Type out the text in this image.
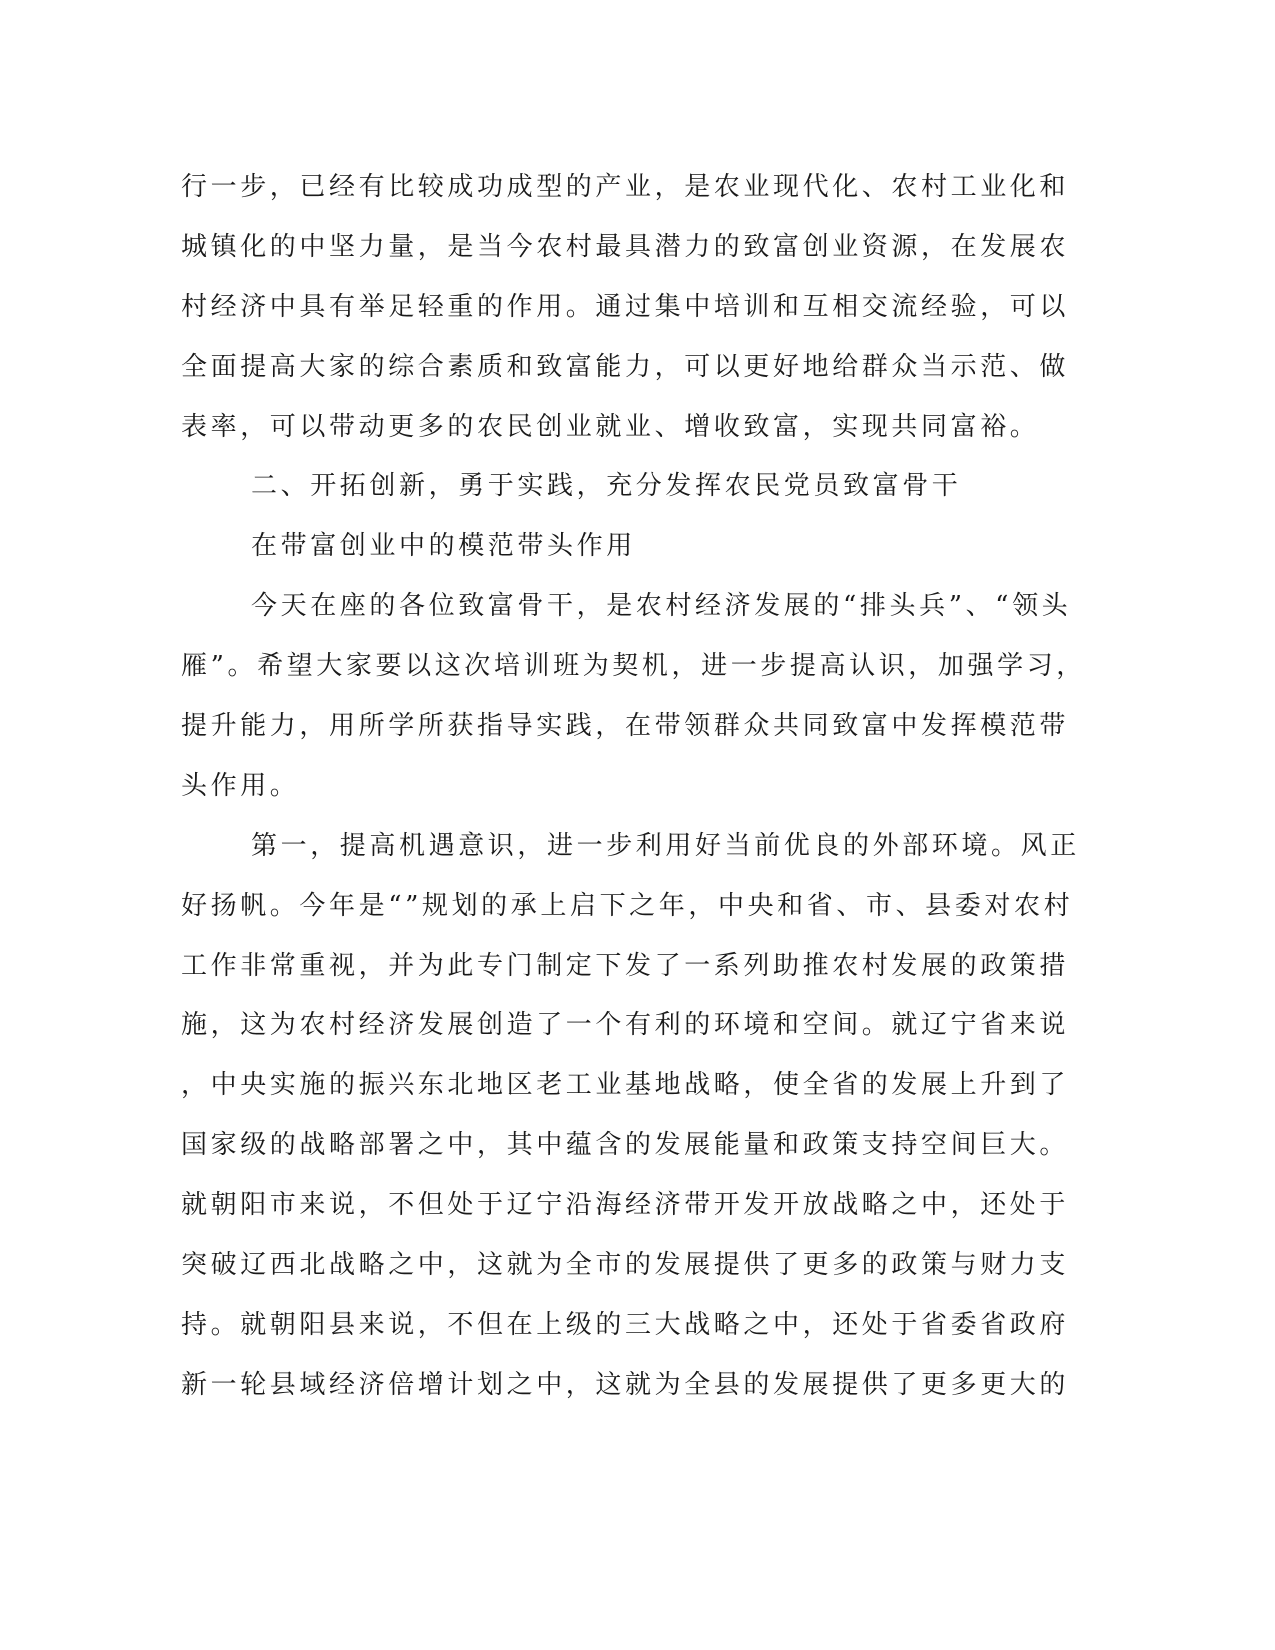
行一步，已经有比较成功成型的产业，是农业现代化、农村工业化和
城镇化的中坚力量，是当今农村最具潜力的致富创业资源，在发展农
村经济中具有举足轻重的作用。通过集中培训和互相交流经验，可以
全面提高大家的综合素质和致富能力，可以更好地给群众当示范、做
表率，可以带动更多的农民创业就业、增收致富，实现共同富裕。
二、开拓创新，勇于实践，充分发挥农民党员致富骨干
在带富创业中的模范带头作用
今天在座的各位致富骨干，是农村经济发展的“排头兵”、“领头
雁”。希望大家要以这次培训班为契机，进一步提高认识，加强学习，
提升能力，用所学所获指导实践，在带领群众共同致富中发挥模范带
头作用。
第一，提高机遇意识，进一步利用好当前优良的外部环境。风正
好扬帆。今年是“”规划的承上启下之年，中央和省、市、县委对农村
工作非常重视，并为此专门制定下发了一系列助推农村发展的政策措
施，这为农村经济发展创造了一个有利的环境和空间。就辽宁省来说
，中央实施的振兴东北地区老工业基地战略，使全省的发展上升到了
国家级的战略部署之中，其中蕴含的发展能量和政策支持空间巨大。
就朝阳市来说，不但处于辽宁沿海经济带开发开放战略之中，还处于
突破辽西北战略之中，这就为全市的发展提供了更多的政策与财力支
持。就朝阳县来说，不但在上级的三大战略之中，还处于省委省政府
新一轮县域经济倍增计划之中，这就为全县的发展提供了更多更大的
